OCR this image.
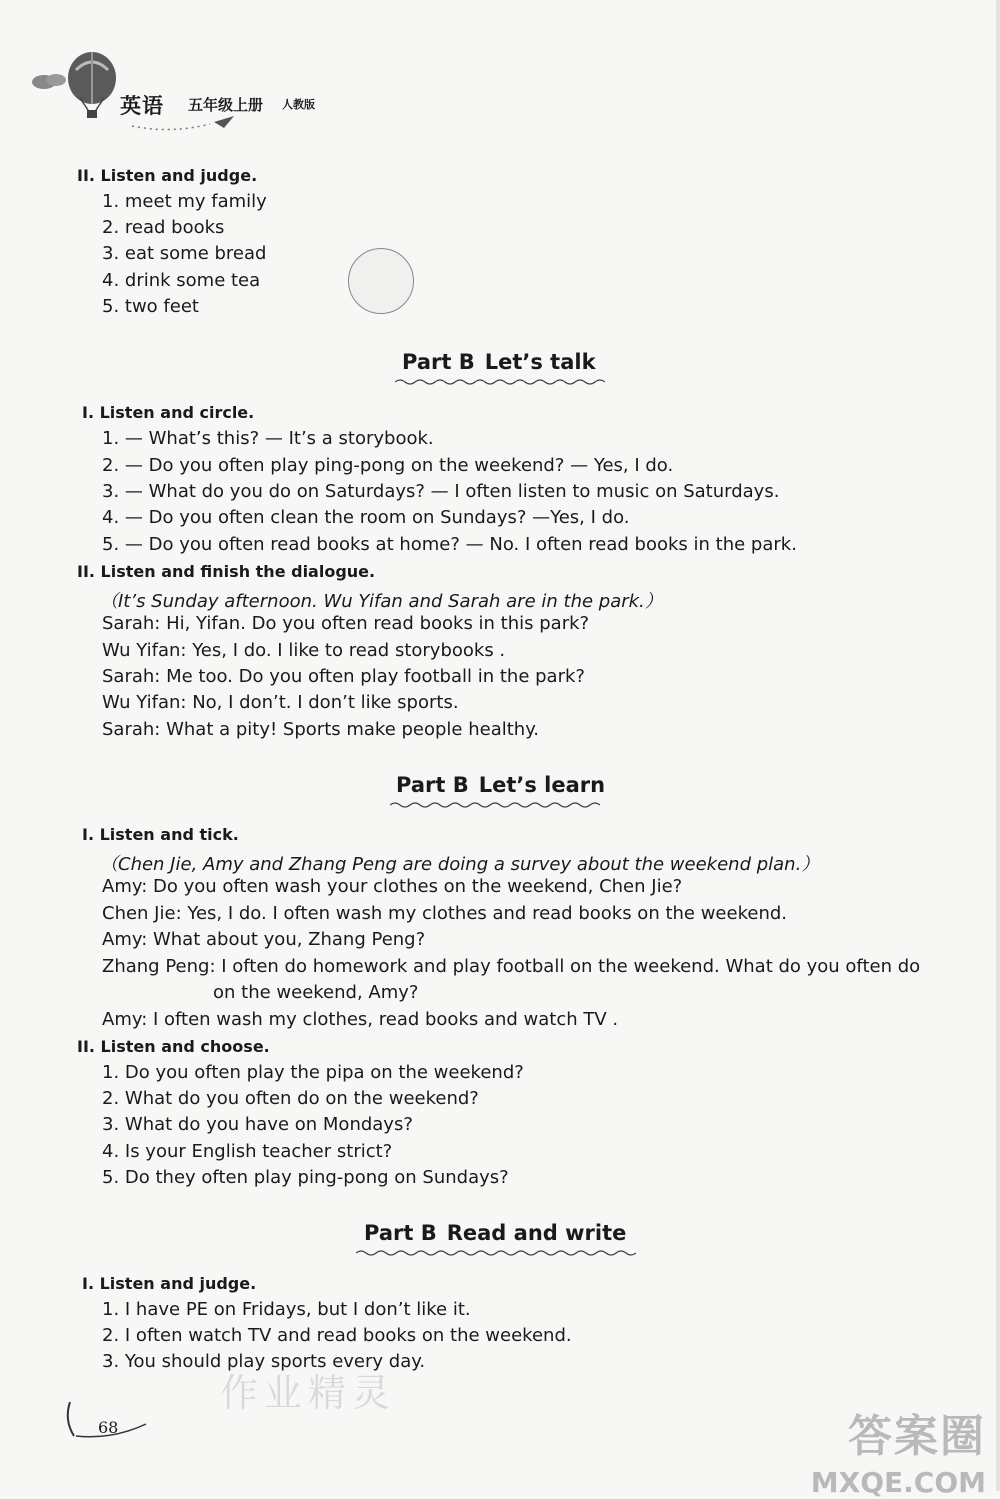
英语 五年级上册 人教版
II. Listen and judge.
1. meet my family
2. read books
3. eat some bread
4. drink some tea
5. two feet
Part B Let’s talk
I. Listen and circle.
1. — What’s this? — It’s a storybook.
2. — Do you often play ping-pong on the weekend? — Yes, I do.
3. — What do you do on Saturdays? — I often listen to music on Saturdays.
4. — Do you often clean the room on Sundays? —Yes, I do.
5. — Do you often read books at home? — No. I often read books in the park.
II. Listen and finish the dialogue.
（It’s Sunday afternoon. Wu Yifan and Sarah are in the park.）
Sarah: Hi, Yifan. Do you often read books in this park?
Wu Yifan: Yes, I do. I like to read storybooks .
Sarah: Me too. Do you often play football in the park?
Wu Yifan: No, I don’t. I don’t like sports.
Sarah: What a pity! Sports make people healthy.
Part B Let’s learn
I. Listen and tick.
（Chen Jie, Amy and Zhang Peng are doing a survey about the weekend plan.）
Amy: Do you often wash your clothes on the weekend, Chen Jie?
Chen Jie: Yes, I do. I often wash my clothes and read books on the weekend.
Amy: What about you, Zhang Peng?
Zhang Peng: I often do homework and play football on the weekend. What do you often do
on the weekend, Amy?
Amy: I often wash my clothes, read books and watch TV .
II. Listen and choose.
1. Do you often play the pipa on the weekend?
2. What do you often do on the weekend?
3. What do you have on Mondays?
4. Is your English teacher strict?
5. Do they often play ping-pong on Sundays?
Part B Read and write
I. Listen and judge.
1. I have PE on Fridays, but I don’t like it.
2. I often watch TV and read books on the weekend.
3. You should play sports every day.
作业精灵
68	答案圈
MXQE.COM
